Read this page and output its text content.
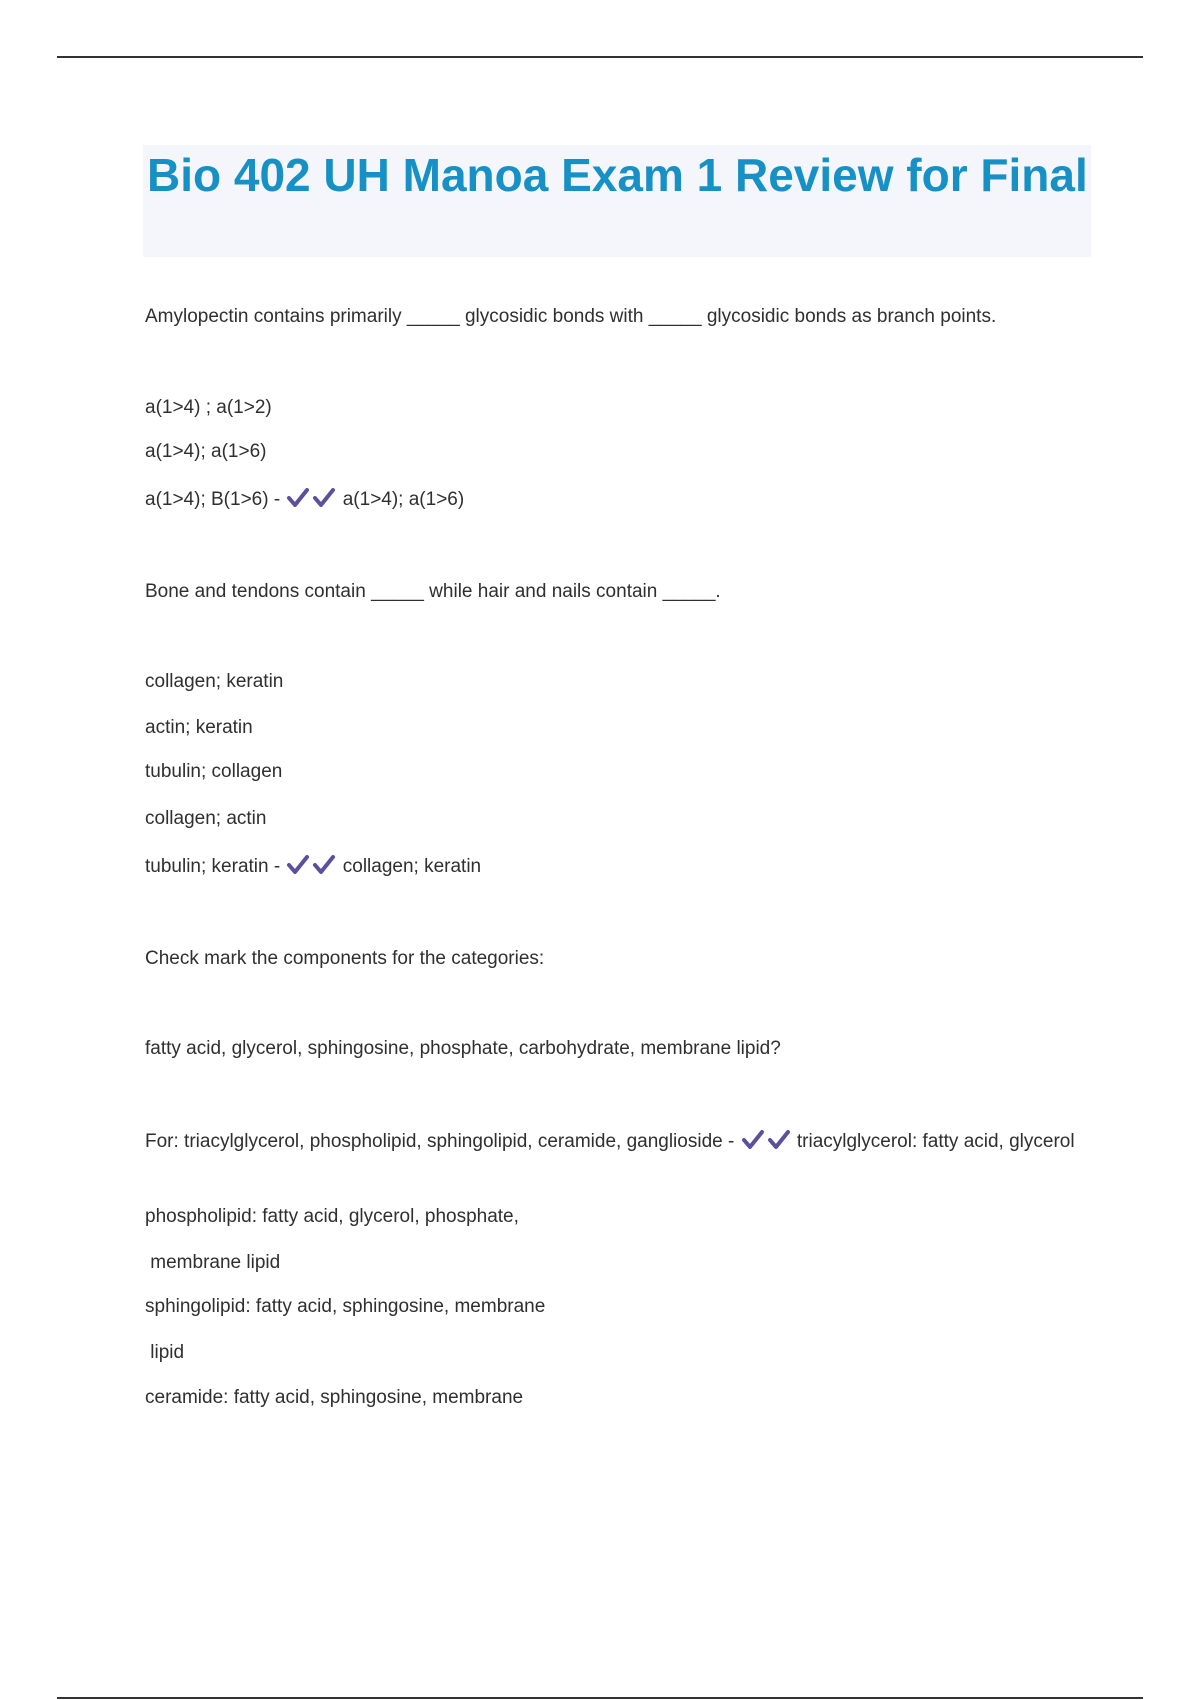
Bio 402 UH Manoa Exam 1 Review for Final
Amylopectin contains primarily _____ glycosidic bonds with _____ glycosidic bonds as branch points.
a(1>4) ; a(1>2)
a(1>4); a(1>6)
a(1>4); B(1>6) -	a(1>4); a(1>6)
Bone and tendons contain _____ while hair and nails contain _____.
collagen; keratin
actin; keratin
tubulin; collagen
collagen; actin
tubulin; keratin -	collagen; keratin
Check mark the components for the categories:
fatty acid, glycerol, sphingosine, phosphate, carbohydrate, membrane lipid?
For: triacylglycerol, phospholipid, sphingolipid, ceramide, ganglioside -	triacylglycerol: fatty acid, glycerol
phospholipid: fatty acid, glycerol, phosphate,
membrane lipid
sphingolipid: fatty acid, sphingosine, membrane
lipid
ceramide: fatty acid, sphingosine, membrane
